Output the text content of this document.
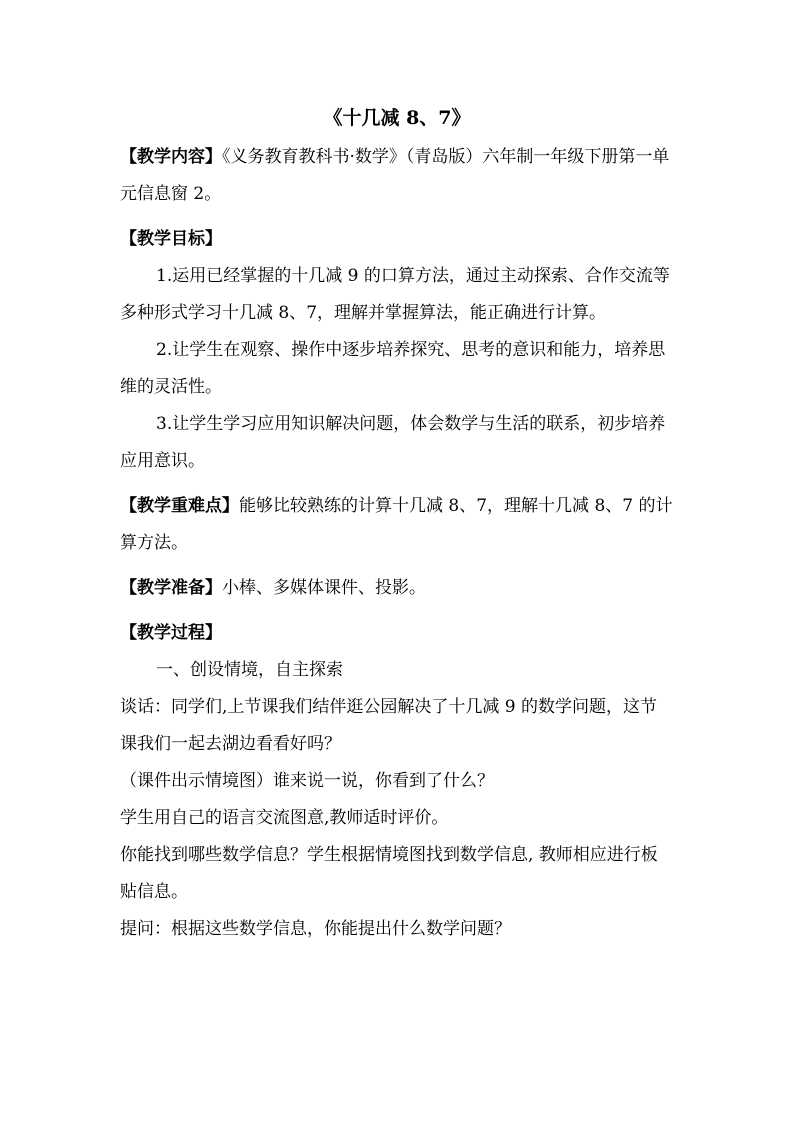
《十几减 8、7》

【教学内容】《义务教育教科书·数学》（青岛版）六年制一年级下册第一单元信息窗 2。

【教学目标】

1.运用已经掌握的十几减 9 的口算方法，通过主动探索、合作交流等多种形式学习十几减 8、7，理解并掌握算法，能正确进行计算。

2.让学生在观察、操作中逐步培养探究、思考的意识和能力，培养思维的灵活性。

3.让学生学习应用知识解决问题，体会数学与生活的联系，初步培养应用意识。

【教学重难点】能够比较熟练的计算十几减 8、7，理解十几减 8、7 的计算方法。

【教学准备】小棒、多媒体课件、投影。

【教学过程】

一、创设情境，自主探索

谈话：同学们,上节课我们结伴逛公园解决了十几减 9 的数学问题，这节课我们一起去湖边看看好吗？

（课件出示情境图）谁来说一说，你看到了什么？

学生用自己的语言交流图意,教师适时评价。

你能找到哪些数学信息？学生根据情境图找到数学信息, 教师相应进行板贴信息。

提问：根据这些数学信息，你能提出什么数学问题？
